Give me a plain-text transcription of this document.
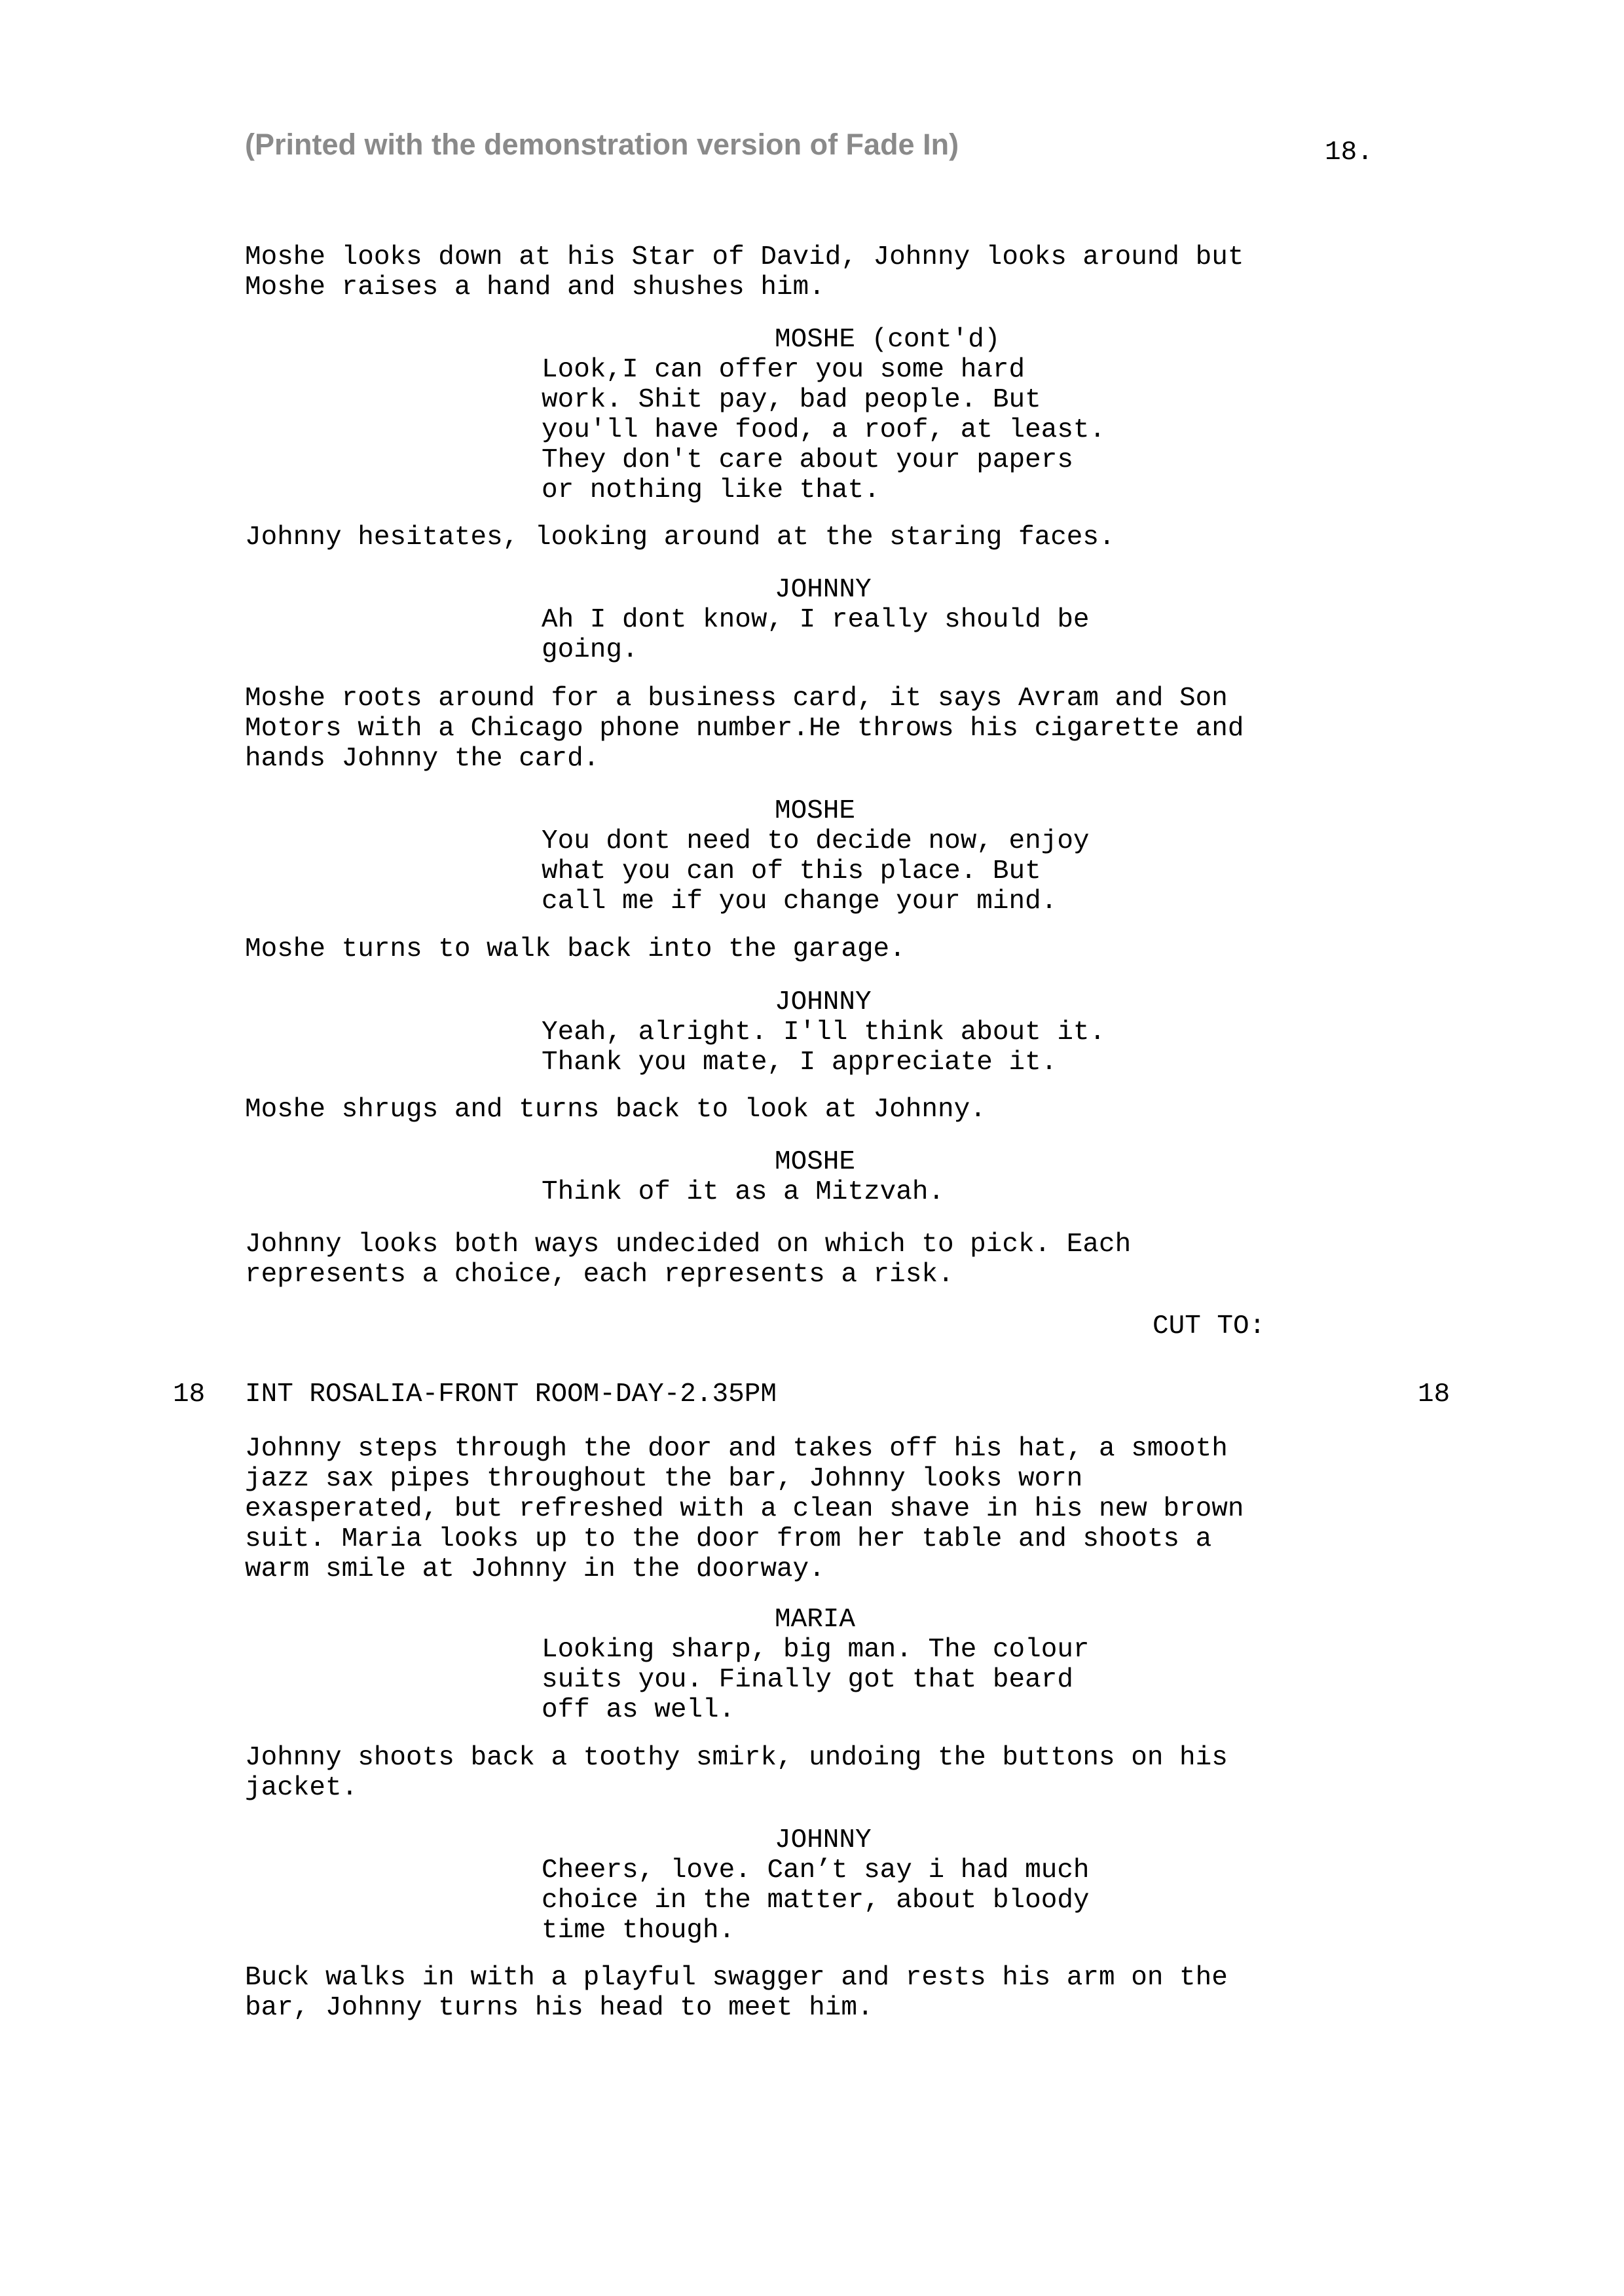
(Printed with the demonstration version of Fade In)	18.
Moshe looks down at his Star of David, Johnny looks around but
Moshe raises a hand and shushes him.
MOSHE (cont'd)
Look,I can offer you some hard
work. Shit pay, bad people. But
you'll have food, a roof, at least.
They don't care about your papers
or nothing like that.
Johnny hesitates, looking around at the staring faces.
JOHNNY
Ah I dont know, I really should be
going.
Moshe roots around for a business card, it says Avram and Son
Motors with a Chicago phone number.He throws his cigarette and
hands Johnny the card.
MOSHE
You dont need to decide now, enjoy
what you can of this place. But
call me if you change your mind.
Moshe turns to walk back into the garage.
JOHNNY
Yeah, alright. I'll think about it.
Thank you mate, I appreciate it.
Moshe shrugs and turns back to look at Johnny.
MOSHE
Think of it as a Mitzvah.
Johnny looks both ways undecided on which to pick. Each
represents a choice, each represents a risk.
CUT TO:
18 INT ROSALIA-FRONT ROOM-DAY-2.35PM	18
Johnny steps through the door and takes off his hat, a smooth
jazz sax pipes throughout the bar, Johnny looks worn
exasperated, but refreshed with a clean shave in his new brown
suit. Maria looks up to the door from her table and shoots a
warm smile at Johnny in the doorway.
MARIA
Looking sharp, big man. The colour
suits you. Finally got that beard
off as well.
Johnny shoots back a toothy smirk, undoing the buttons on his
jacket.
JOHNNY
Cheers, love. Can’t say i had much
choice in the matter, about bloody
time though.
Buck walks in with a playful swagger and rests his arm on the
bar, Johnny turns his head to meet him.
